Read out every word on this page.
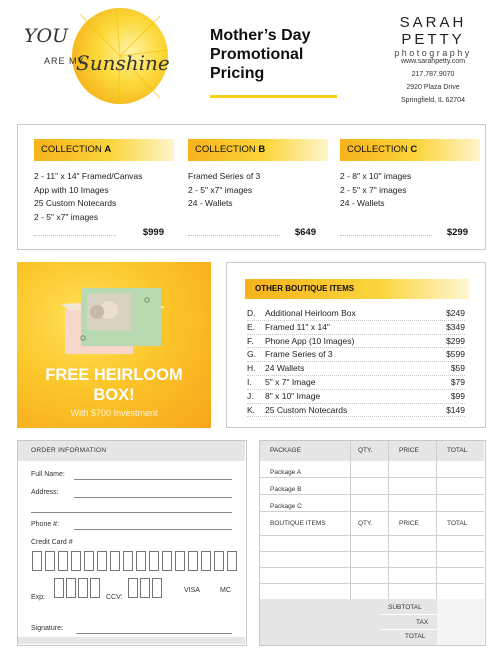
YOU
ARE MY
Sunshine
Mother’s Day
Promotional
Pricing
SARAH PETTY
photography
www.sarahpetty.com
217.787.9070
2920 Plaza Drive
Springfield, IL 62704
COLLECTION A
2 - 11" x 14" Framed/Canvas
App with 10 Images
25 Custom Notecards
2 - 5" x7" images
$999
COLLECTION B
Framed Series of 3
2 - 5" x7" images
24 - Wallets
$649
COLLECTION C
2 - 8" x 10" images
2 - 5" x 7" images
24 - Wallets
$299
FREE HEIRLOOM
BOX!
With $700 Investment
OTHER BOUTIQUE ITEMS
D. Additional Heirloom Box	$249
E. Framed 11" x 14"	$349
F. Phone App (10 Images)	$299
G. Frame Series of 3	$599
H. 24 Wallets	$59
I. 5" x 7" Image	$79
J. 8" x 10" Image	$99
K. 25 Custom Notecards	$149
ORDER INFORMATION
Full Name:
Address:
Phone #:
Credit Card #
Exp:	CCV:
VISA	MC
Signature:
PACKAGE	QTY.	PRICE	TOTAL
Package A
Package B
Package C
BOUTIQUE ITEMS	QTY.	PRICE	TOTAL
SUBTOTAL
TAX
TOTAL
